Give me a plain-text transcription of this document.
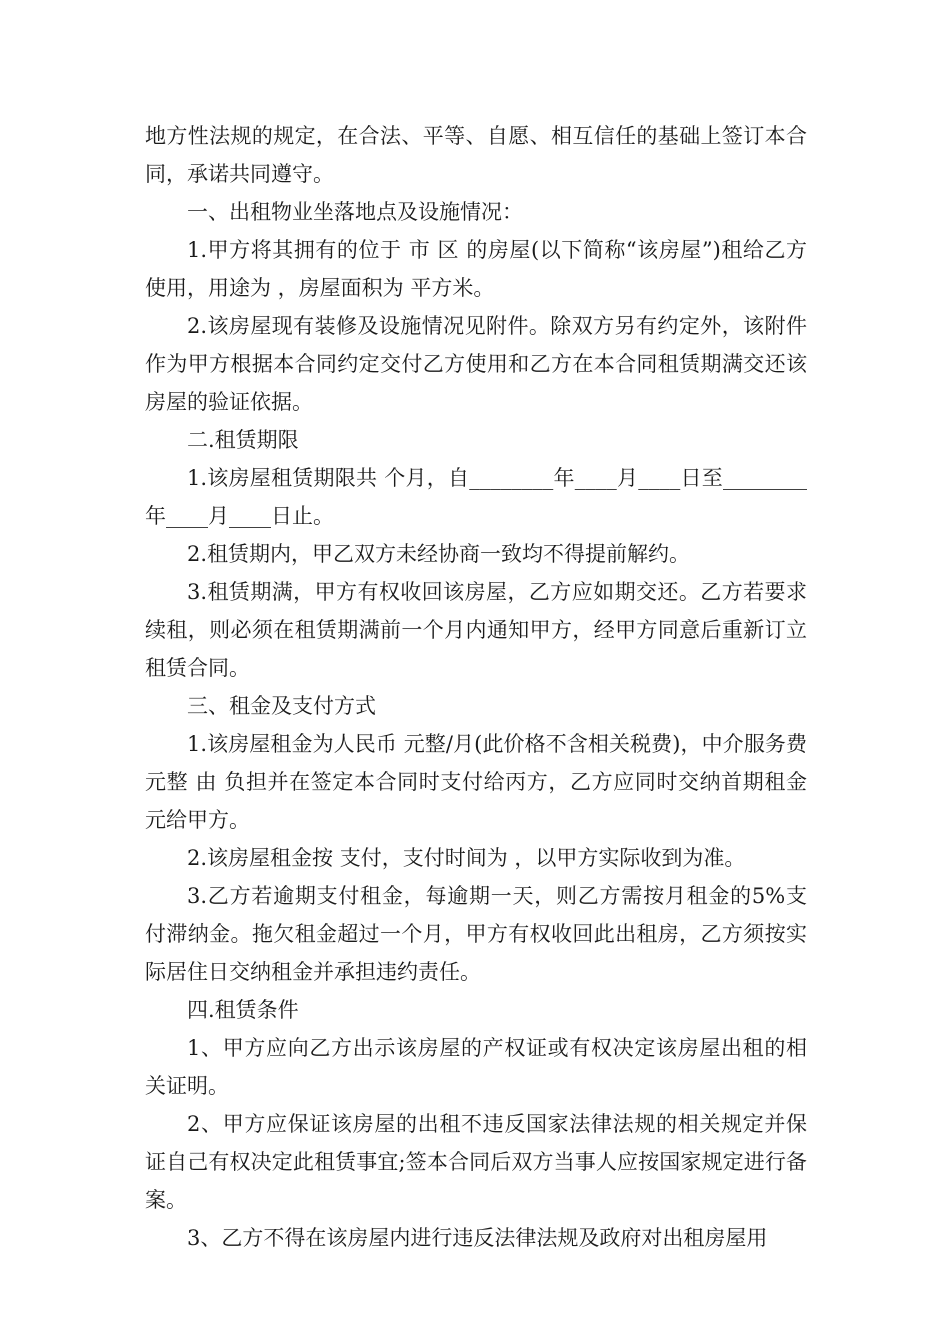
地方性法规的规定，在合法、平等、自愿、相互信任的基础上签订本合同，承诺共同遵守。

一、出租物业坐落地点及设施情况：

1.甲方将其拥有的位于 市 区 的房屋(以下简称“该房屋”)租给乙方使用，用途为 ，房屋面积为 平方米。

2.该房屋现有装修及设施情况见附件。除双方另有约定外，该附件作为甲方根据本合同约定交付乙方使用和乙方在本合同租赁期满交还该房屋的验证依据。

二.租赁期限

1.该房屋租赁期限共 个月，自________年____月____日至________年____月____日止。

2.租赁期内，甲乙双方未经协商一致均不得提前解约。

3.租赁期满，甲方有权收回该房屋，乙方应如期交还。乙方若要求续租，则必须在租赁期满前一个月内通知甲方，经甲方同意后重新订立租赁合同。

三、租金及支付方式

1.该房屋租金为人民币 元整/月(此价格不含相关税费)，中介服务费 元整 由 负担并在签定本合同时支付给丙方，乙方应同时交纳首期租金 元给甲方。

2.该房屋租金按 支付，支付时间为 ，以甲方实际收到为准。

3.乙方若逾期支付租金，每逾期一天，则乙方需按月租金的5%支付滞纳金。拖欠租金超过一个月，甲方有权收回此出租房，乙方须按实际居住日交纳租金并承担违约责任。

四.租赁条件

1、甲方应向乙方出示该房屋的产权证或有权决定该房屋出租的相关证明。

2、甲方应保证该房屋的出租不违反国家法律法规的相关规定并保证自己有权决定此租赁事宜;签本合同后双方当事人应按国家规定进行备案。

3、乙方不得在该房屋内进行违反法律法规及政府对出租房屋用
